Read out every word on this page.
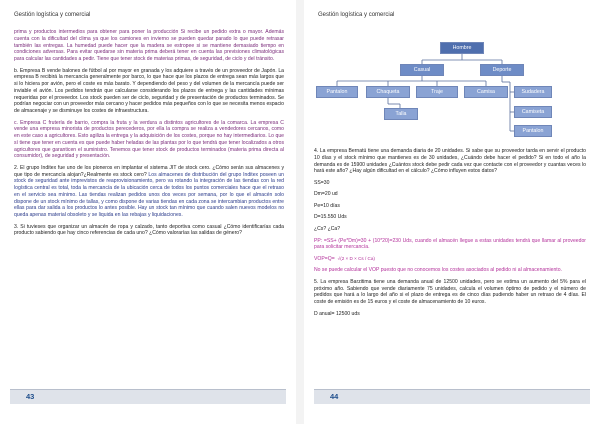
Gestión logística y comercial

prima y productos intermedios para obtener para poner la producción Si recibe un pedido extra o mayor. Además cuenta con la dificultad del clima ya que los camiones en invierno se pueden quedar parado lo que puede retrasar también las entregas. La humedad puede hacer que la madera se estropee si se mantiene demasiado tiempo en condiciones adversas. Para evitar quedarse sin materia prima deberá tener en cuenta las previsiones climatológicas para calcular las cantidades a pedir. Tiene que tener stock de materias primas, de seguridad, de ciclo y del tránsito.

b. Empresa B vende balones de fútbol al por mayor en granada y los adquiere a través de un proveedor de Japón. La empresa B recibirá la mercancía generalmente por barco, lo que hace que los plazos de entrega sean más largos que si lo hiciera por avión, pero el coste es más barato. Y dependiendo del peso y del volumen de la mercancía puede ser inviable el avión. Los pedidos tendrán que calcularse considerando los plazos de entrega y las cantidades mínimas requeridas por el proveedor. Los stock pueden ser de ciclo, seguridad y de presentación de productos terminados. Se podrían negociar con un proveedor más cercano y hacer pedidos más pequeños con lo que se necesita menos espacio de almacenaje y se disminuye los costes de infraestructura.

c. Empresa C frutería de barrio, compra la fruta y la verdura a distintos agricultores de la comarca. La empresa C vende una empresa minorista de productos perecederos, por ella la compra se realiza a vendedores cercanos, como en este caso a agricultores. Esto agiliza la entrega y la adquisición de los costes, porque no hay intermediarios. Lo que sí tiene que tener en cuenta es que puede haber heladas de las plantas por lo que tendrá que tener localizados a otros agricultores que garanticen el suministro. Tenemos que tener stock de productos terminados (materia prima directa al consumidor), de seguridad y presentación.

2. El grupo Inditex fue uno de los pioneros en implantar el sistema JIT de stock cero. ¿Cómo serán sus almacenes y que tipo de mercancía alojan?¿Realmente es stock cero? Los almacenes de distribución del grupo Inditex poseen un stock de seguridad ante imprevistos de reaprovisionamiento, pero va rotando la integración de las tiendas con la red logística central es total, toda la mercancía de la ubicación cerca de todos los puntos comerciales hace que el retraso en el servicio sea mínimo. Las tiendas realizan pedidos unos dos veces por semana, por lo que el almacén solo dispone de un stock mínimo de tallas, y como dispone de varias tiendas en cada zona se intercambian productos entre ellas para dar salida a los productos lo antes posible. Hay un stock tan mínimo que cuando salen nuevos modelos no queda apenas material obsoleto y se liquida en las rebajas y liquidaciones.

3. Si tuvieses que organizar un almacén de ropa y calzado, tanto deportiva como casual ¿Cómo identificarías cada producto sabiendo que hay cinco referencias de cada uno? ¿Cómo valorarías las salidas de género?

43
Gestión logística y comercial
Hombre
Casual	Deporte
Pantalon	Chaqueta	Traje	Camisa
Talla
Sudadera
Camiseta
Pantalon

4. La empresa Bernatú tiene una demanda diaria de 20 unidades. Si sabe que su proveedor tarda en servir el producto 10 días y el stock mínimo que mantienes es de 30 unidades, ¿Cuándo debe hacer el pedido? Si en todo el año la demanda es de 15900 unidades ¿Cuántos stock debe pedir cada vez que contacte con el proveedor y cuantas veces lo hará este año? ¿Hay algún dificultad en el cálculo? ¿Cómo influyen estos datos?

SS=30

Dm=20 ud

Pe=10 días

D=15.550 Uds

¿Cs? ¿Ca?

PP: =SS+ (Pe*Dm)=30 + (10*20)=230 Uds, cuando el almacén llegue a estas unidades tendrá que llamar al proveedor para solicitar mercancía.

VOP=Q= √(2 × D × Cs / Ca)

No se puede calcular el VOP puesto que no conocemos los costes asociados al pedido ni al almacenamiento.

5. La empresa Barzitima tiene una demanda anual de 12500 unidades, pero se estima un aumento del 5% para el próximo año. Sabiendo que vende diariamente 75 unidades, calcula el volumen óptimo de pedido y el número de pedidos que hará a lo largo del año si el plazo de entrega es de cinco días pudiendo haber un retraso de 4 días. El coste de emisión es de 15 euros y el coste de almacenamiento de 10 euros.

D anual= 12500 uds

44
